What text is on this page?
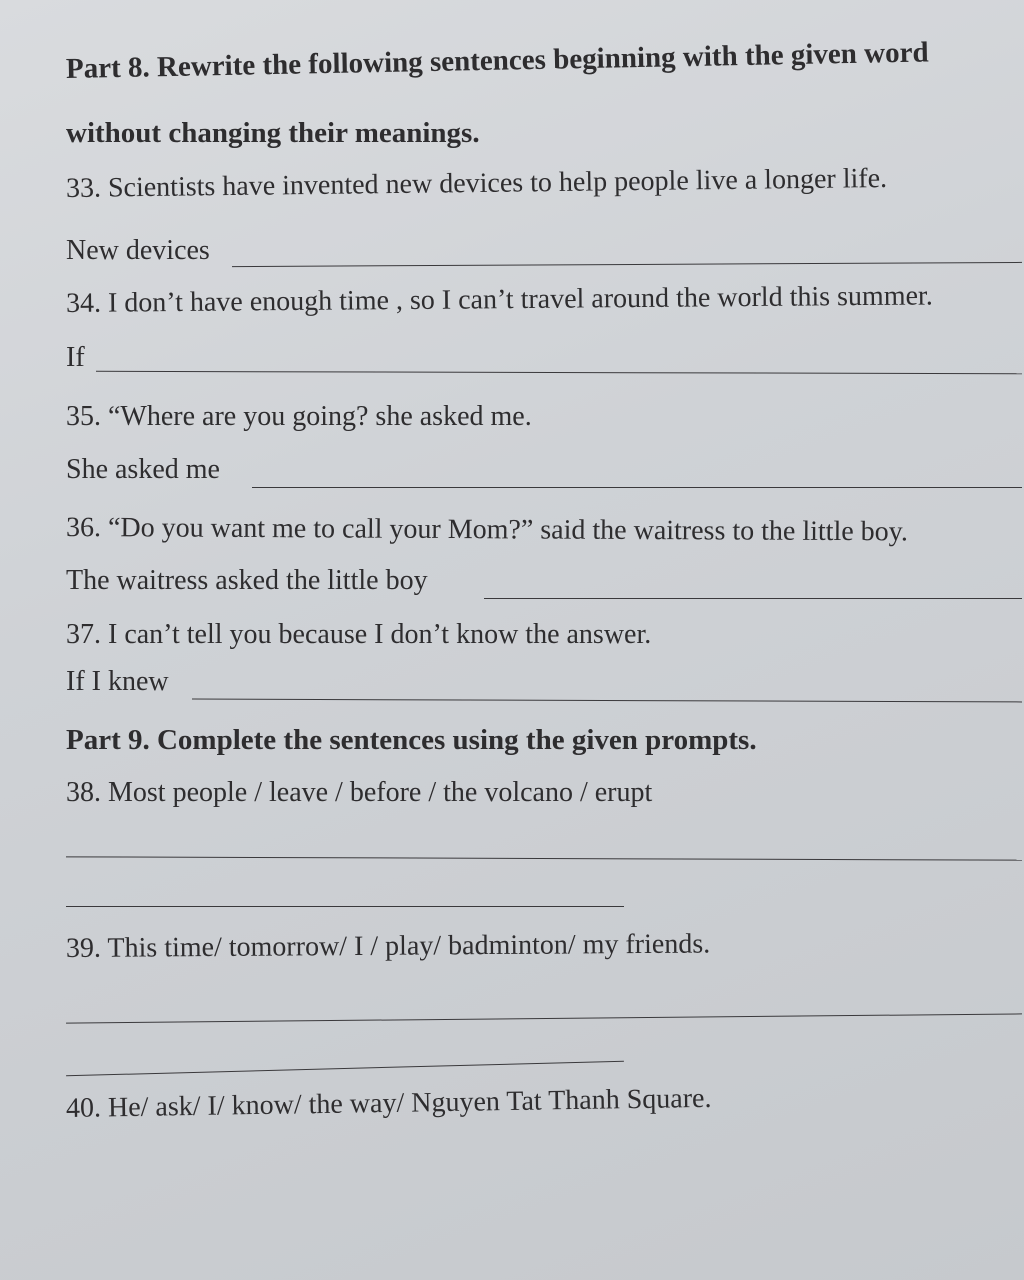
Part 8. Rewrite the following sentences beginning with the given word
without changing their meanings.
33. Scientists have invented new devices to help people live a longer life.
New devices
34. I don’t have enough time , so I can’t travel around the world this summer.
If
35. “Where are you going? she asked me.
She asked me
36. “Do you want me to call your Mom?” said the waitress to the little boy.
The waitress asked the little boy
37. I can’t tell you because I don’t know the answer.
If I knew
Part 9. Complete the sentences using the given prompts.
38. Most people / leave / before / the volcano / erupt
39. This time/ tomorrow/ I / play/ badminton/ my friends.
40. He/ ask/ I/ know/ the way/ Nguyen Tat Thanh Square.
